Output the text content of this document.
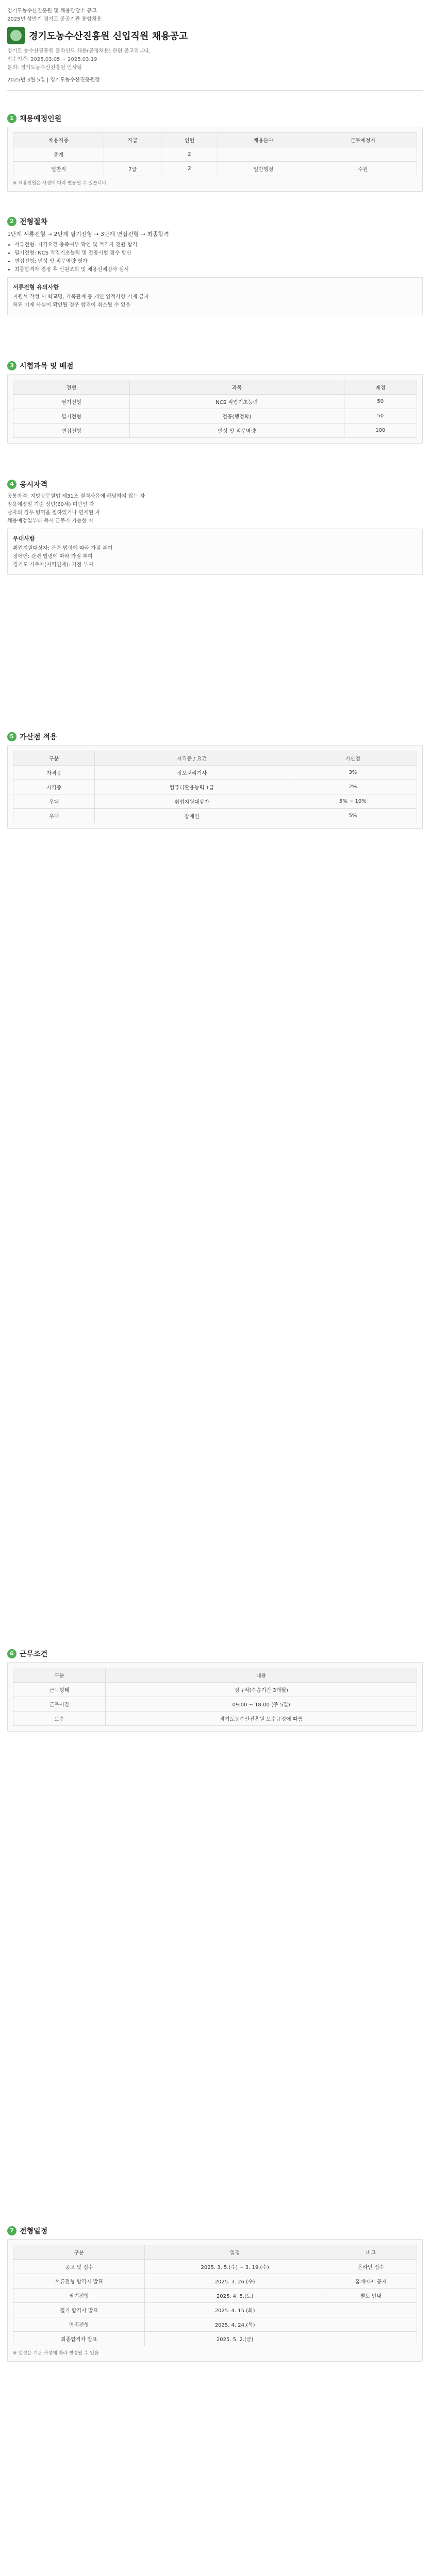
경기도농수산진흥원 및 채용담당소 공고
2025년 상반기 경기도 공공기관 통합채용
경기도농수산진흥원 신입직원 채용공고
경기도 농수산진흥원 블라인드 채용(공정채용) 관련 공고입니다.
접수기간: 2025.03.05 ~ 2025.03.19
문의: 경기도농수산진흥원 인사팀
2025년 3월 5일 | 경기도농수산진흥원장
1 채용예정인원
채용직종	직급	인원	채용분야	근무예정지
총계		2		
일반직	7급	2	일반행정	수원
※ 채용인원은 사정에 따라 변동될 수 있습니다.
2 전형절차
1단계 서류전형 → 2단계 필기전형 → 3단계 면접전형 → 최종합격
• 서류전형: 자격요건 충족여부 확인 및 적격자 전원 합격
• 필기전형: NCS 직업기초능력 및 전공시험 점수 합산
• 면접전형: 인성 및 직무역량 평가
• 최종합격자 결정 후 신원조회 및 채용신체검사 실시
서류전형 유의사항
지원서 작성 시 학교명, 가족관계 등 개인 인적사항 기재 금지
허위 기재 사실이 확인될 경우 합격이 취소될 수 있음
3 시험과목 및 배점
전형	과목	배점
필기전형	NCS 직업기초능력	50
필기전형	전공(행정학)	50
면접전형	인성 및 직무역량	100
4 응시자격
공통자격: 지방공무원법 제31조 결격사유에 해당하지 않는 자
임용예정일 기준 정년(60세) 미만인 자
남자의 경우 병역을 필하였거나 면제된 자
채용예정일부터 즉시 근무가 가능한 자
우대사항
취업지원대상자: 관련 법령에 따라 가점 부여
장애인: 관련 법령에 따라 가점 부여
경기도 거주자(지역인재): 가점 부여
5 가산점 적용
구분	자격증 / 요건	가산점
자격증	정보처리기사	3%
자격증	컴퓨터활용능력 1급	2%
우대	취업지원대상자	5% ~ 10%
우대	장애인	5%
6 근무조건
구분	내용
근무형태	정규직(수습기간 3개월)
근무시간	09:00 ~ 18:00 (주 5일)
보수	경기도농수산진흥원 보수규정에 따름
7 전형일정
구분	일정	비고
공고 및 접수	2025. 3. 5.(수) ~ 3. 19.(수)	온라인 접수
서류전형 합격자 발표	2025. 3. 26.(수)	홈페이지 공지
필기전형	2025. 4. 5.(토)	별도 안내
필기 합격자 발표	2025. 4. 15.(화)	
면접전형	2025. 4. 24.(목)	
최종합격자 발표	2025. 5. 2.(금)	
※ 일정은 기관 사정에 따라 변경될 수 있음
